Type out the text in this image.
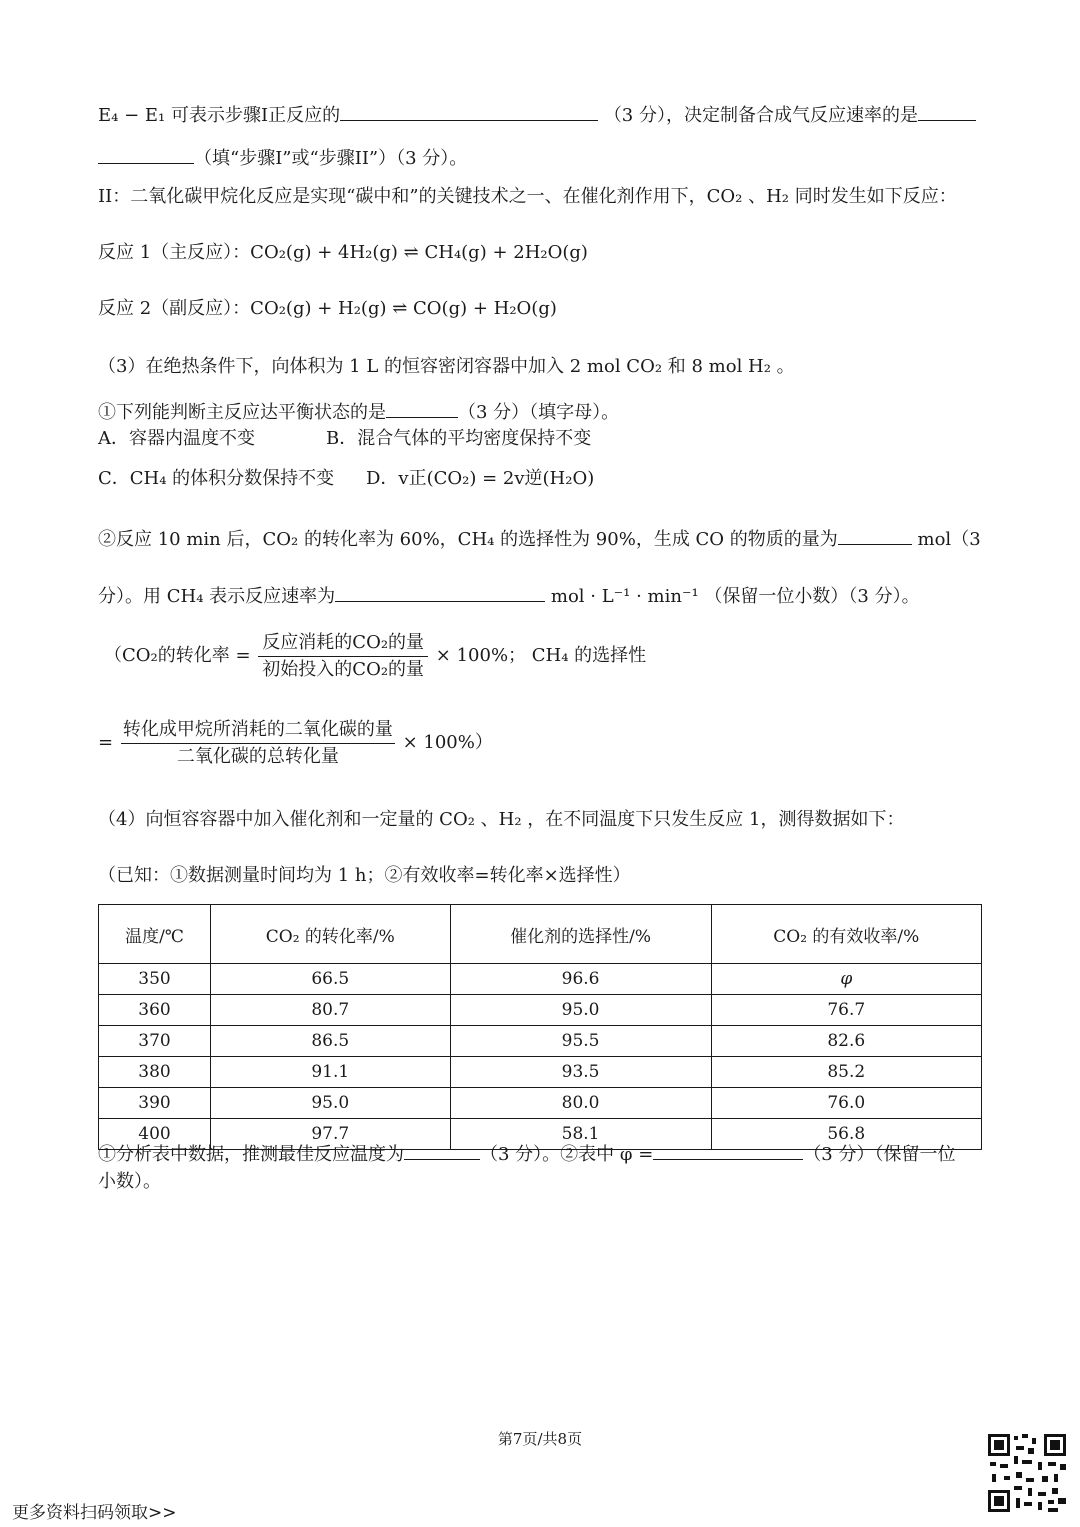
E₄ − E₁ 可表示步骤I正反应的	（3 分），决定制备合成气反应速率的是
（填“步骤I”或“步骤II”）（3 分）。
II：二氧化碳甲烷化反应是实现“碳中和”的关键技术之一、在催化剂作用下，CO₂ 、H₂ 同时发生如下反应：
反应 1（主反应）：CO₂(g) + 4H₂(g) ⇌ CH₄(g) + 2H₂O(g)
反应 2（副反应）：CO₂(g) + H₂(g) ⇌ CO(g) + H₂O(g)
（3）在绝热条件下，向体积为 1 L 的恒容密闭容器中加入 2 mol CO₂ 和 8 mol H₂ 。
①下列能判断主反应达平衡状态的是	（3 分）（填字母）。
A．容器内温度不变	B．混合气体的平均密度保持不变
C．CH₄ 的体积分数保持不变 D．v正(CO₂) = 2v逆(H₂O)
②反应 10 min 后，CO₂ 的转化率为 60%，CH₄ 的选择性为 90%，生成 CO 的物质的量为	mol（3
分）。用 CH₄ 表示反应速率为	mol · L⁻¹ · min⁻¹ （保留一位小数）（3 分）。
（CO₂的转化率 = $\frac{\text{反应消耗的CO₂的量}}{\text{初始投入的CO₂的量}} \times 100\%$； CH₄ 的选择性
= $\frac{\text{转化成甲烷所消耗的二氧化碳的量}}{\text{二氧化碳的总转化量}} \times 100\%$）
（4）向恒容容器中加入催化剂和一定量的 CO₂ 、H₂ ，在不同温度下只发生反应 1，测得数据如下：
（已知：①数据测量时间均为 1 h；②有效收率=转化率×选择性）
温度/℃	CO₂ 的转化率/%	催化剂的选择性/%	CO₂ 的有效收率/%
350	66.5	96.6	φ
360	80.7	95.0	76.7
370	86.5	95.5	82.6
380	91.1	93.5	85.2
390	95.0	80.0	76.0
400	97.7	58.1	56.8
①分析表中数据，推测最佳反应温度为	（3 分）。②表中 φ =	（3 分）（保留一位
小数）。
第7页/共8页
更多资料扫码领取>>
